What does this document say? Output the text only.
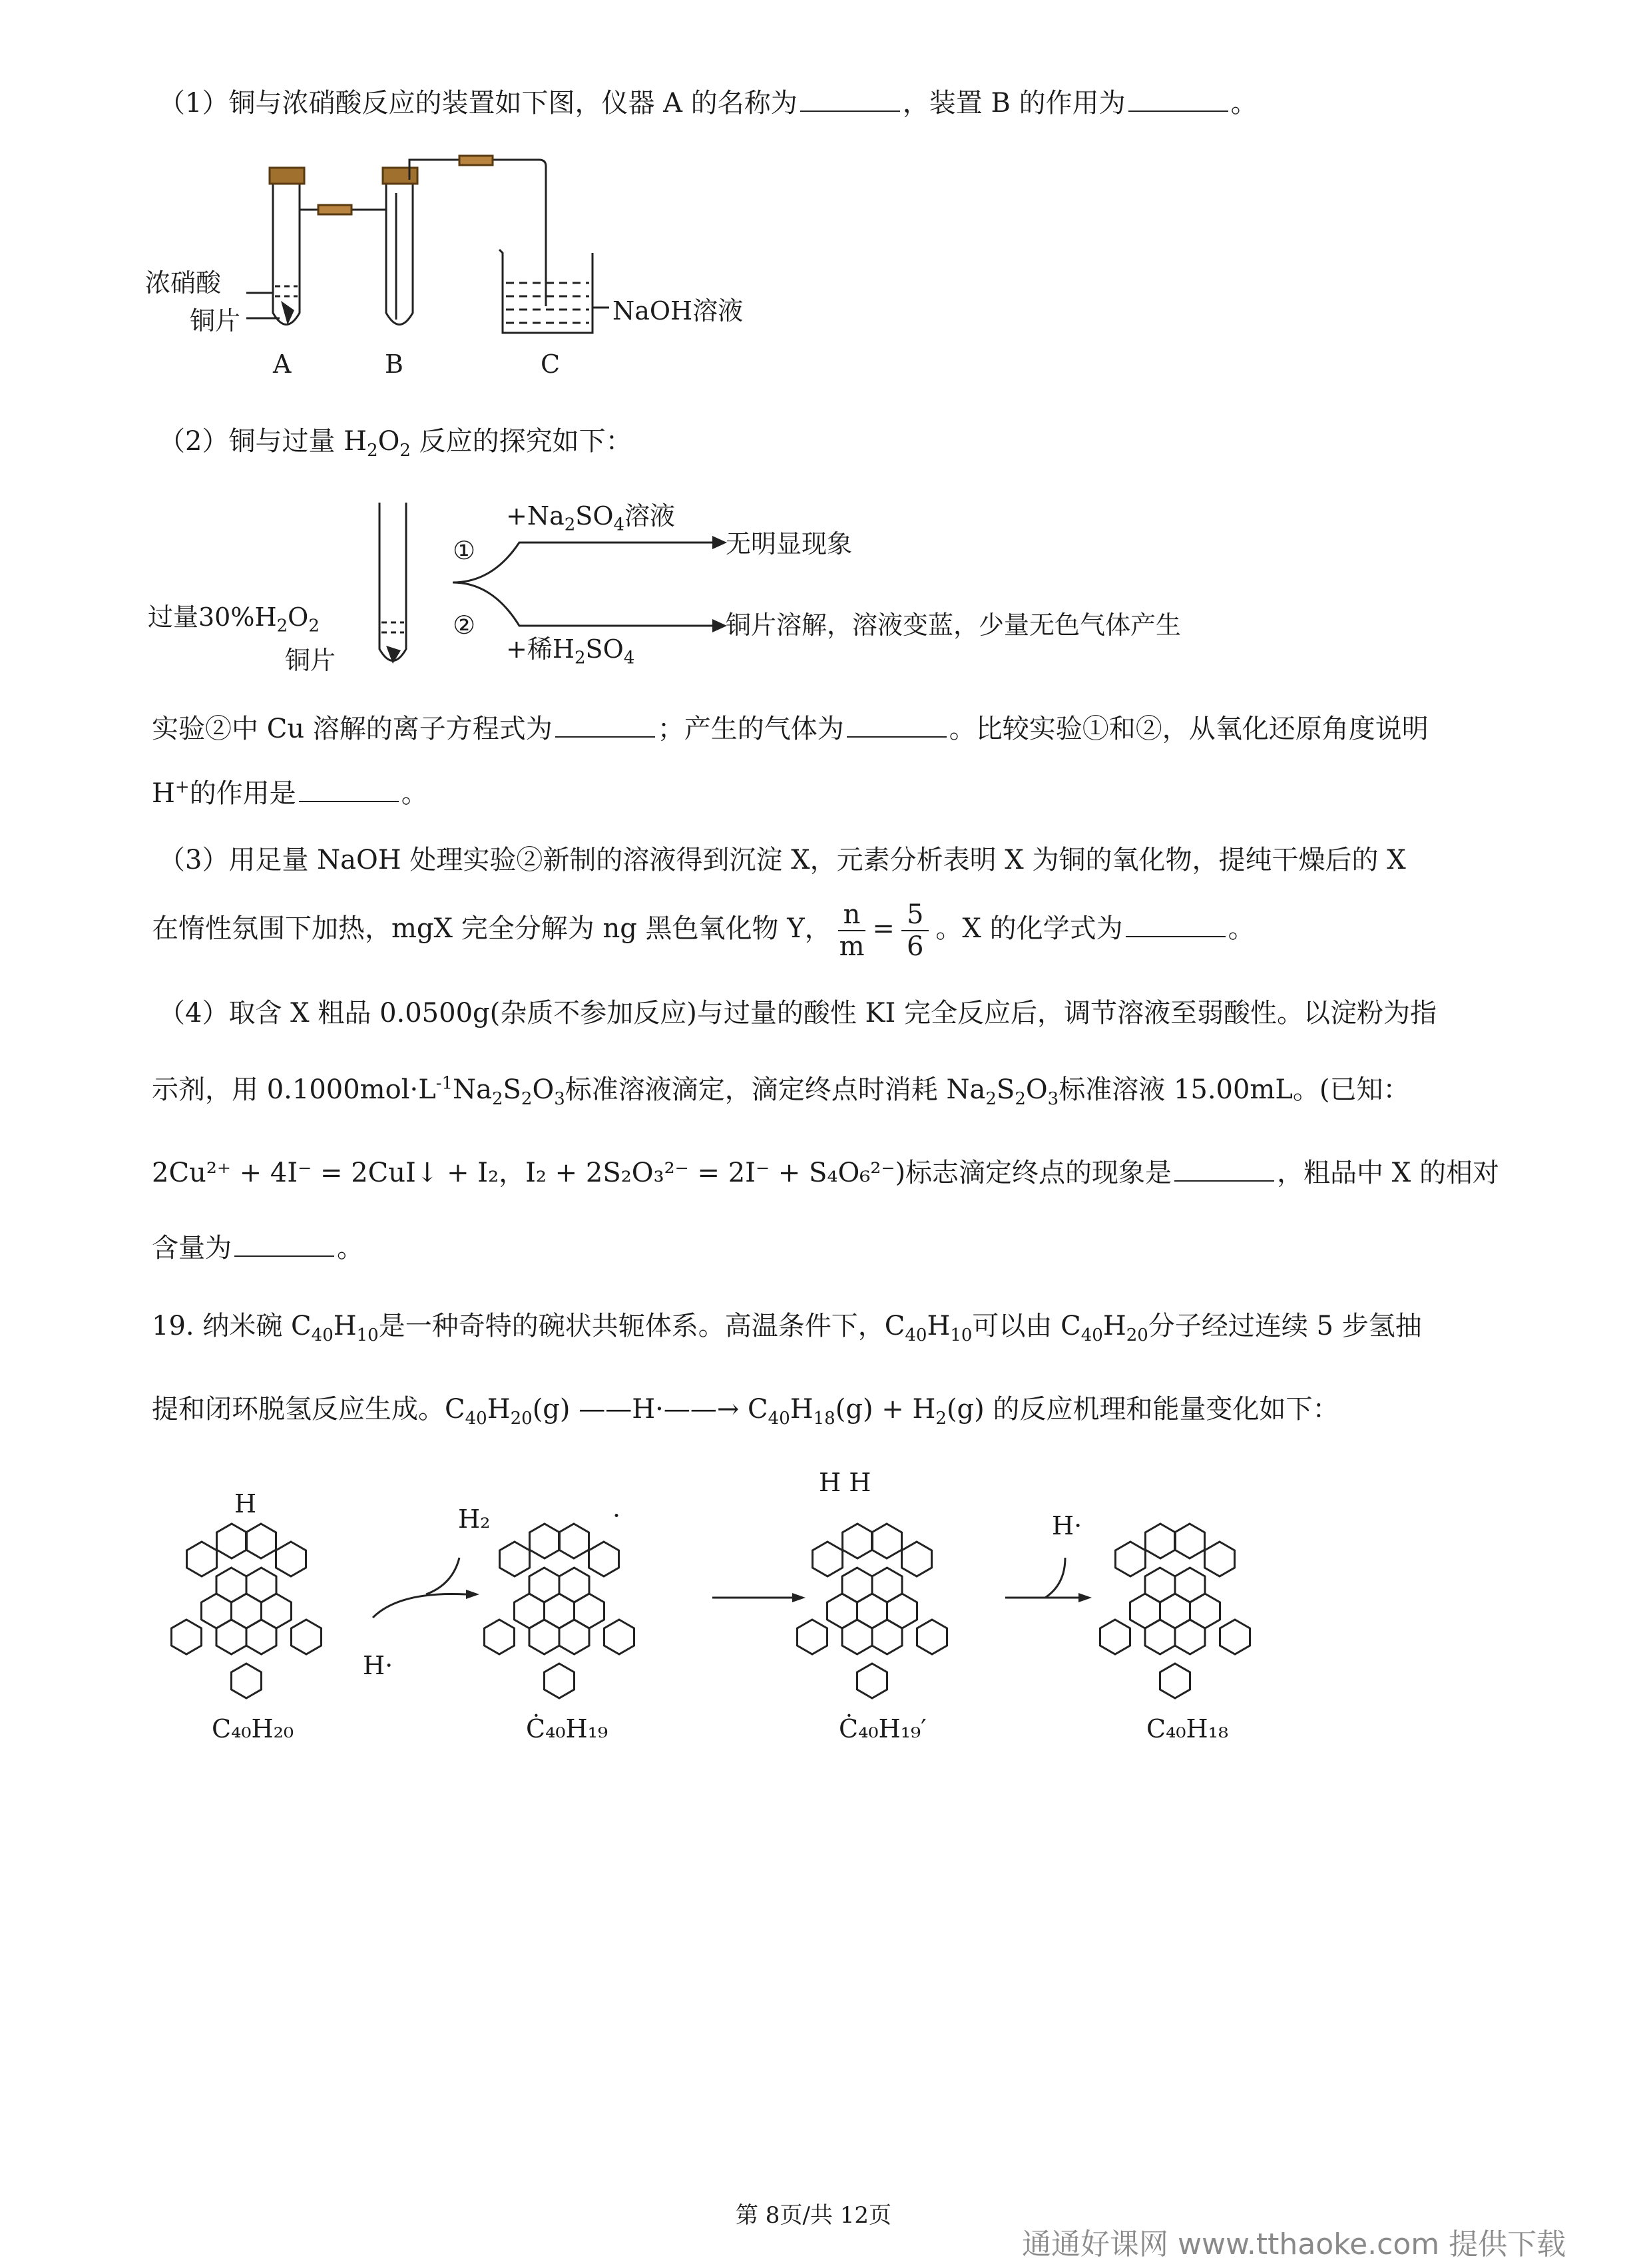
（1）铜与浓硝酸反应的装置如下图，仪器 A 的名称为	，装置 B 的作用为	。
浓硝酸
铜片	NaOH溶液
A	B	C
（2）铜与过量 $H_2O_2$ 反应的探究如下：
①
②
$+Na_2SO_4$溶液
无明显现象
+稀$H_2SO_4$
铜片溶解，溶液变蓝，少量无色气体产生
过量$30\%H_2O_2$
铜片
实验②中 Cu 溶解的离子方程式为	；产生的气体为	。比较实验①和②，从氧化还原角度说明
H+的作用是	。
（3）用足量 NaOH 处理实验②新制的溶液得到沉淀 X，元素分析表明 X 为铜的氧化物，提纯干燥后的 X
在惰性氛围下加热，mgX 完全分解为 ng 黑色氧化物 Y， $\frac{n}{m} = \frac{5}{6}$ 。X 的化学式为	。
（4）取含 X 粗品 0.0500g(杂质不参加反应)与过量的酸性 KI 完全反应后，调节溶液至弱酸性。以淀粉为指
示剂，用 $0.1000mol\cdot L^{-1}Na_2S_2O_3$标准溶液滴定，滴定终点时消耗 $Na_2S_2O_3$标准溶液 15.00mL。(已知：
2Cu²⁺ + 4I⁻ = 2CuI↓ + I₂，I₂ + 2S₂O₃²⁻ = 2I⁻ + S₄O₆²⁻)标志滴定终点的现象是	，粗品中 X 的相对
含量为	。
19. 纳米碗 $C_{40}H_{10}$是一种奇特的碗状共轭体系。高温条件下，$C_{40}H_{10}$可以由 $C_{40}H_{20}$分子经过连续 5 步氢抽
提和闭环脱氢反应生成。$C_{40}H_{20}(g)$ ——H·——→ $C_{40}H_{18}(g) + H_2(g)$ 的反应机理和能量变化如下：
H
H₂
H·
·
H H
H·
C₄₀H₂₀	Ċ₄₀H₁₉	Ċ₄₀H₁₉′	C₄₀H₁₈
第 8页/共 12页
通通好课网 www.tthaoke.com 提供下载
